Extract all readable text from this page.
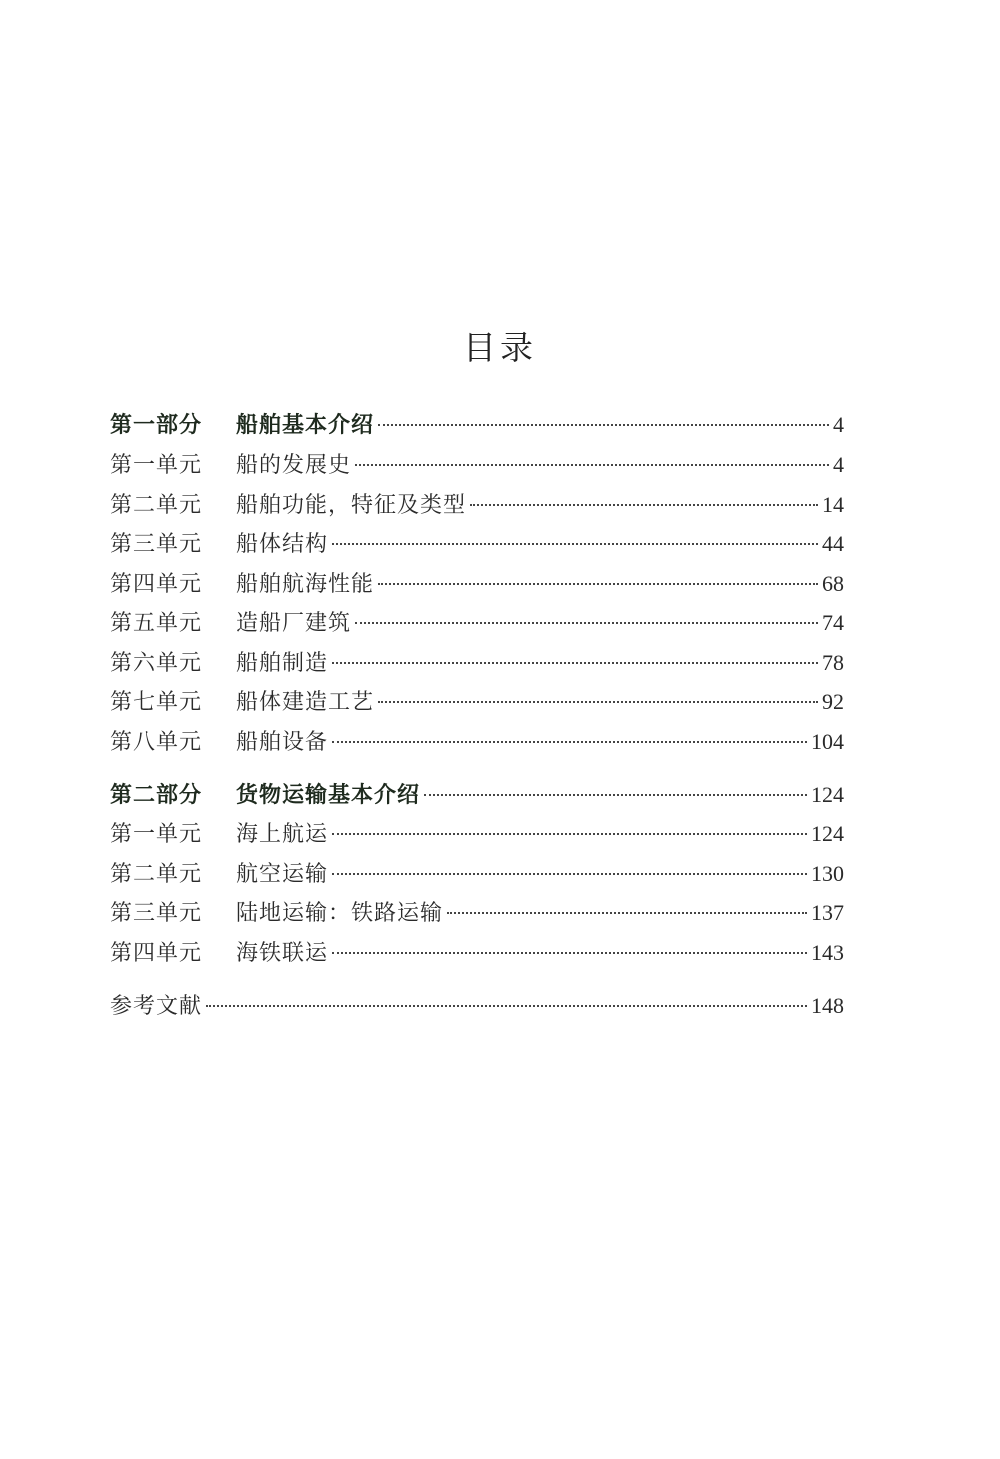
目录
第一部分	船舶基本介绍	4
第一单元	船的发展史	4
第二单元	船舶功能，特征及类型	14
第三单元	船体结构	44
第四单元	船舶航海性能	68
第五单元	造船厂建筑	74
第六单元	船舶制造	78
第七单元	船体建造工艺	92
第八单元	船舶设备	104
第二部分	货物运输基本介绍	124
第一单元	海上航运	124
第二单元	航空运输	130
第三单元	陆地运输：铁路运输	137
第四单元	海铁联运	143
参考文献	148
